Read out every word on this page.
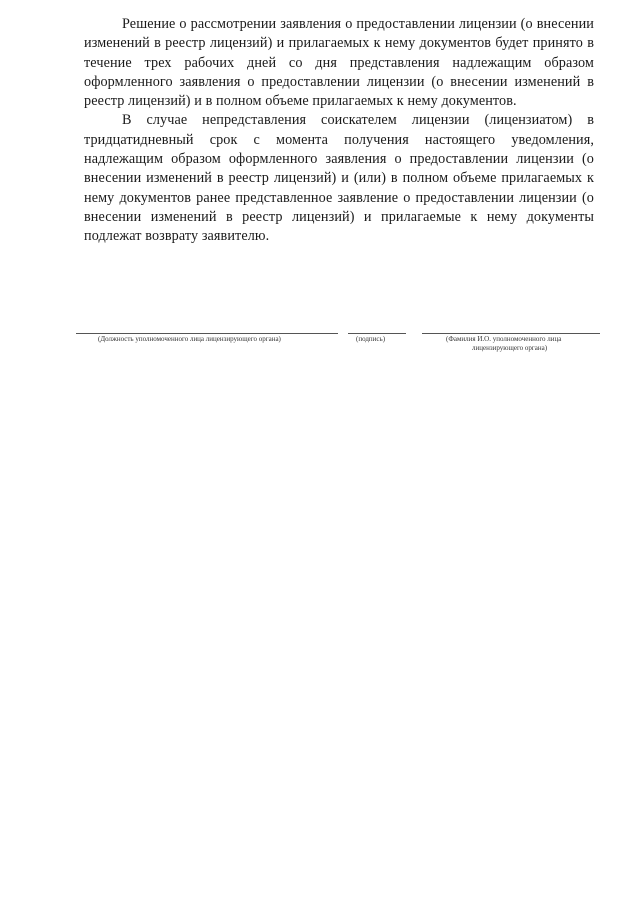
Решение о рассмотрении заявления о предоставлении лицензии (о внесении изменений в реестр лицензий) и прилагаемых к нему документов будет принято в течение трех рабочих дней со дня представления надлежащим образом оформленного заявления о предоставлении лицензии (о внесении изменений в реестр лицензий) и в полном объеме прилагаемых к нему документов.

В случае непредставления соискателем лицензии (лицензиатом) в тридцатидневный срок с момента получения настоящего уведомления, надлежащим образом оформленного заявления о предоставлении лицензии (о внесении изменений в реестр лицензий) и (или) в полном объеме прилагаемых к нему документов ранее представленное заявление о предоставлении лицензии (о внесении изменений в реестр лицензий) и прилагаемые к нему документы подлежат возврату заявителю.

(Должность уполномоченного лица лицензирующего органа)	(подпись)	(Фамилия И.О. уполномоченного лица
лицензирующего органа)
